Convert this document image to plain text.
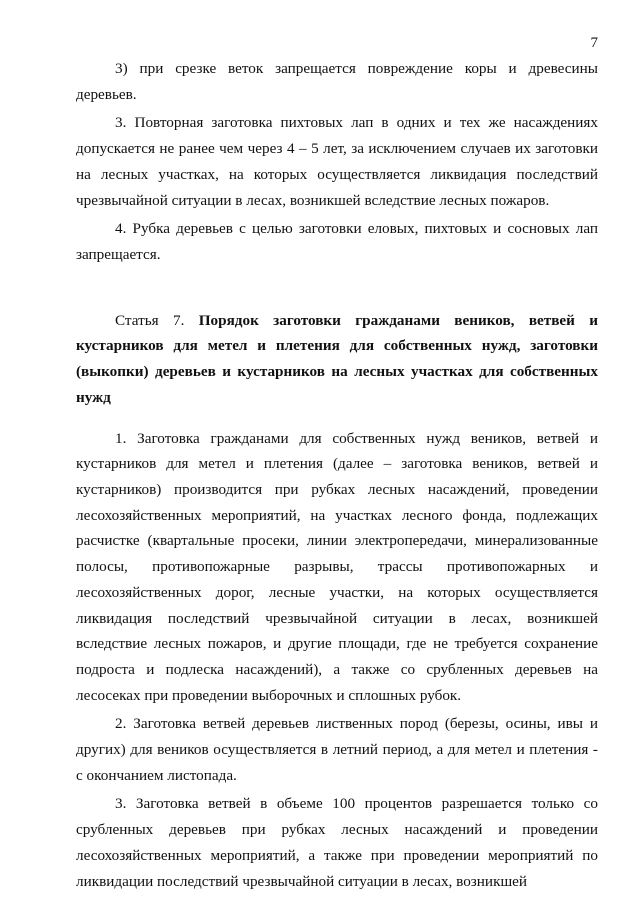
7

3) при срезке веток запрещается повреждение коры и древесины деревьев.

3. Повторная заготовка пихтовых лап в одних и тех же насаждениях допускается не ранее чем через 4 – 5 лет, за исключением случаев их заготовки на лесных участках, на которых осуществляется ликвидация последствий чрезвычайной ситуации в лесах, возникшей вследствие лесных пожаров.

4. Рубка деревьев с целью заготовки еловых, пихтовых и сосновых лап запрещается.

Статья 7. Порядок заготовки гражданами веников, ветвей и кустарников для метел и плетения для собственных нужд, заготовки (выкопки) деревьев и кустарников на лесных участках для собственных нужд

1. Заготовка гражданами для собственных нужд веников, ветвей и кустарников для метел и плетения (далее – заготовка веников, ветвей и кустарников) производится при рубках лесных насаждений, проведении лесохозяйственных мероприятий, на участках лесного фонда, подлежащих расчистке (квартальные просеки, линии электропередачи, минерализованные полосы, противопожарные разрывы, трассы противопожарных и лесохозяйственных дорог, лесные участки, на которых осуществляется ликвидация последствий чрезвычайной ситуации в лесах, возникшей вследствие лесных пожаров, и другие площади, где не требуется сохранение подроста и подлеска насаждений), а также со срубленных деревьев на лесосеках при проведении выборочных и сплошных рубок.

2. Заготовка ветвей деревьев лиственных пород (березы, осины, ивы и других) для веников осуществляется в летний период, а для метел и плетения - с окончанием листопада.

3. Заготовка ветвей в объеме 100 процентов разрешается только со срубленных деревьев при рубках лесных насаждений и проведении лесохозяйственных мероприятий, а также при проведении мероприятий по ликвидации последствий чрезвычайной ситуации в лесах, возникшей
